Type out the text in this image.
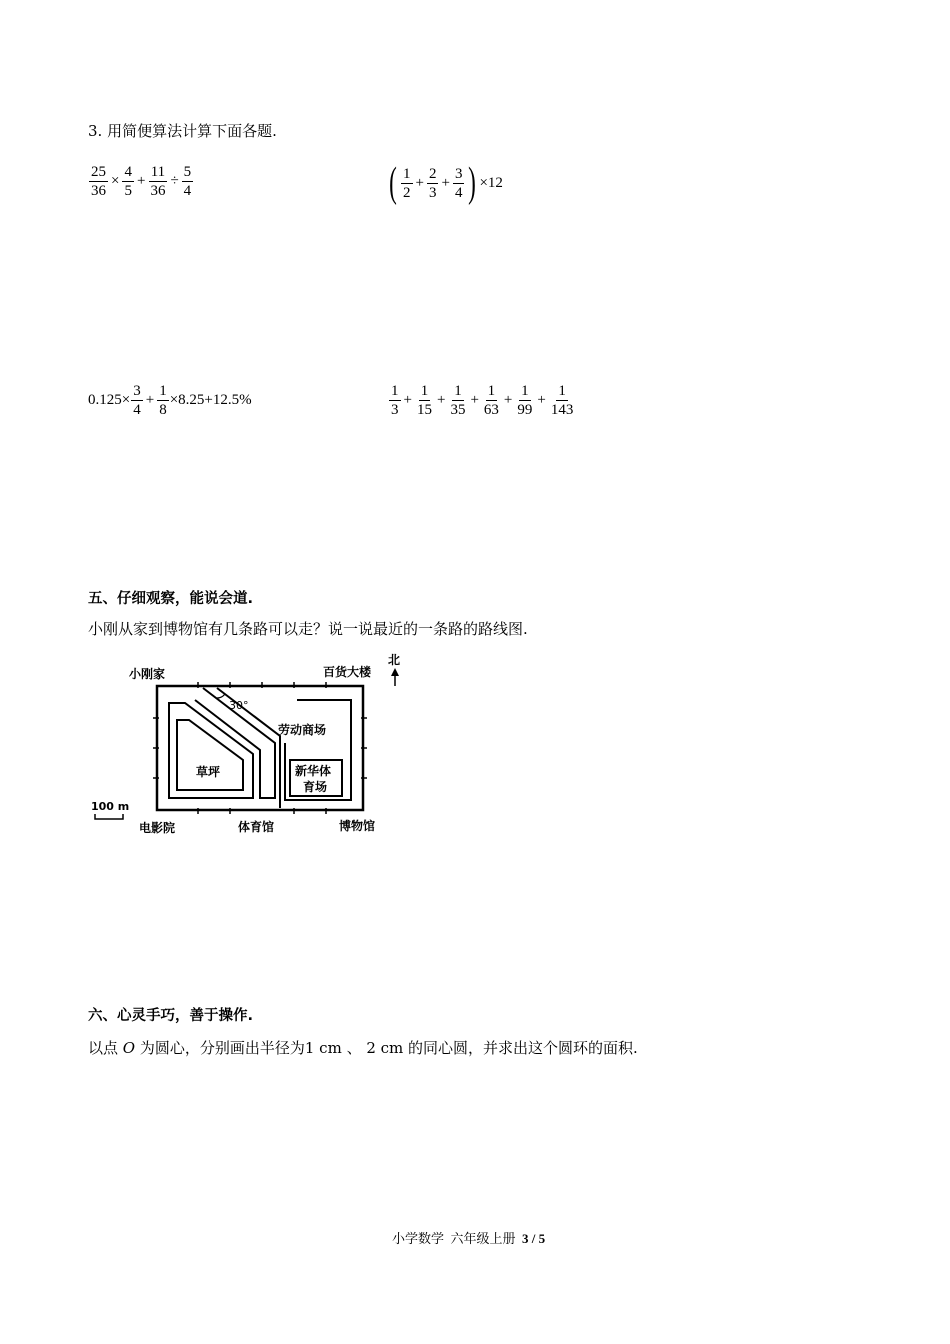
3. 用简便算法计算下面各题.
$\frac{25}{36} \times \frac{4}{5} + \frac{11}{36} \div \frac{5}{4}$	( $\frac{1}{2} + \frac{2}{3} + \frac{3}{4}$ ) ×12
$0.125\times \frac{3}{4} + \frac{1}{8} \times 8.25+12.5\%$	$\frac{1}{3} + \frac{1}{15} + \frac{1}{35} + \frac{1}{63} + \frac{1}{99} + \frac{1}{143}$
五、仔细观察，能说会道.
小刚从家到博物馆有几条路可以走？说一说最近的一条路的路线图.
小刚家	百货大楼
北
30°
劳动商场
草坪	新华体
育场
100 m
电影院	体育馆	博物馆
六、心灵手巧，善于操作.
以点 O 为圆心，分别画出半径为1 cm 、 2 cm 的同心圆，并求出这个圆环的面积.
小学数学  六年级上册  3 / 5
